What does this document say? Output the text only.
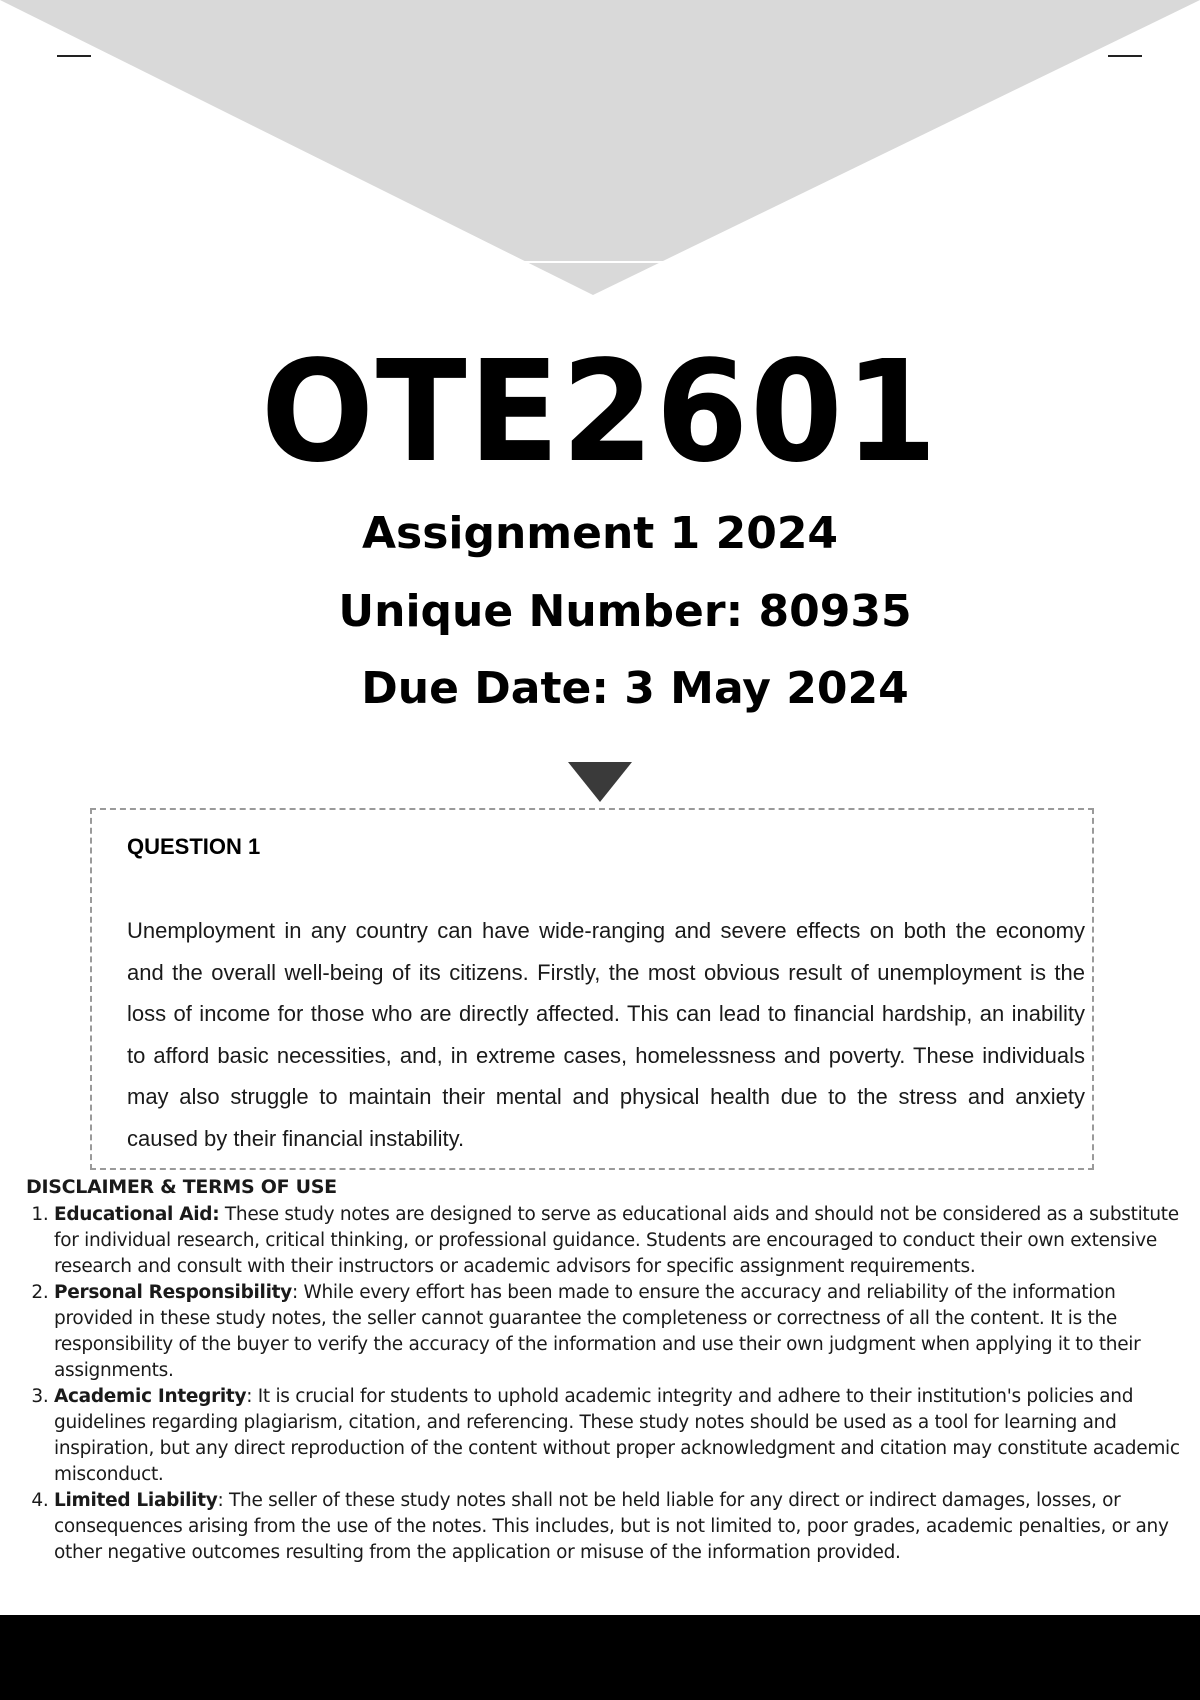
OTE2601
Assignment 1 2024
Unique Number: 80935
Due Date: 3 May 2024
QUESTION 1

Unemployment in any country can have wide-ranging and severe effects on both the economy and the overall well-being of its citizens. Firstly, the most obvious result of unemployment is the loss of income for those who are directly affected. This can lead to financial hardship, an inability to afford basic necessities, and, in extreme cases, homelessness and poverty. These individuals may also struggle to maintain their mental and physical health due to the stress and anxiety caused by their financial instability.

DISCLAIMER & TERMS OF USE
1. Educational Aid: These study notes are designed to serve as educational aids and should not be considered as a substitute for individual research, critical thinking, or professional guidance. Students are encouraged to conduct their own extensive research and consult with their instructors or academic advisors for specific assignment requirements.
2. Personal Responsibility: While every effort has been made to ensure the accuracy and reliability of the information provided in these study notes, the seller cannot guarantee the completeness or correctness of all the content. It is the responsibility of the buyer to verify the accuracy of the information and use their own judgment when applying it to their assignments.
3. Academic Integrity: It is crucial for students to uphold academic integrity and adhere to their institution's policies and guidelines regarding plagiarism, citation, and referencing. These study notes should be used as a tool for learning and inspiration, but any direct reproduction of the content without proper acknowledgment and citation may constitute academic misconduct.
4. Limited Liability: The seller of these study notes shall not be held liable for any direct or indirect damages, losses, or consequences arising from the use of the notes. This includes, but is not limited to, poor grades, academic penalties, or any other negative outcomes resulting from the application or misuse of the information provided.
